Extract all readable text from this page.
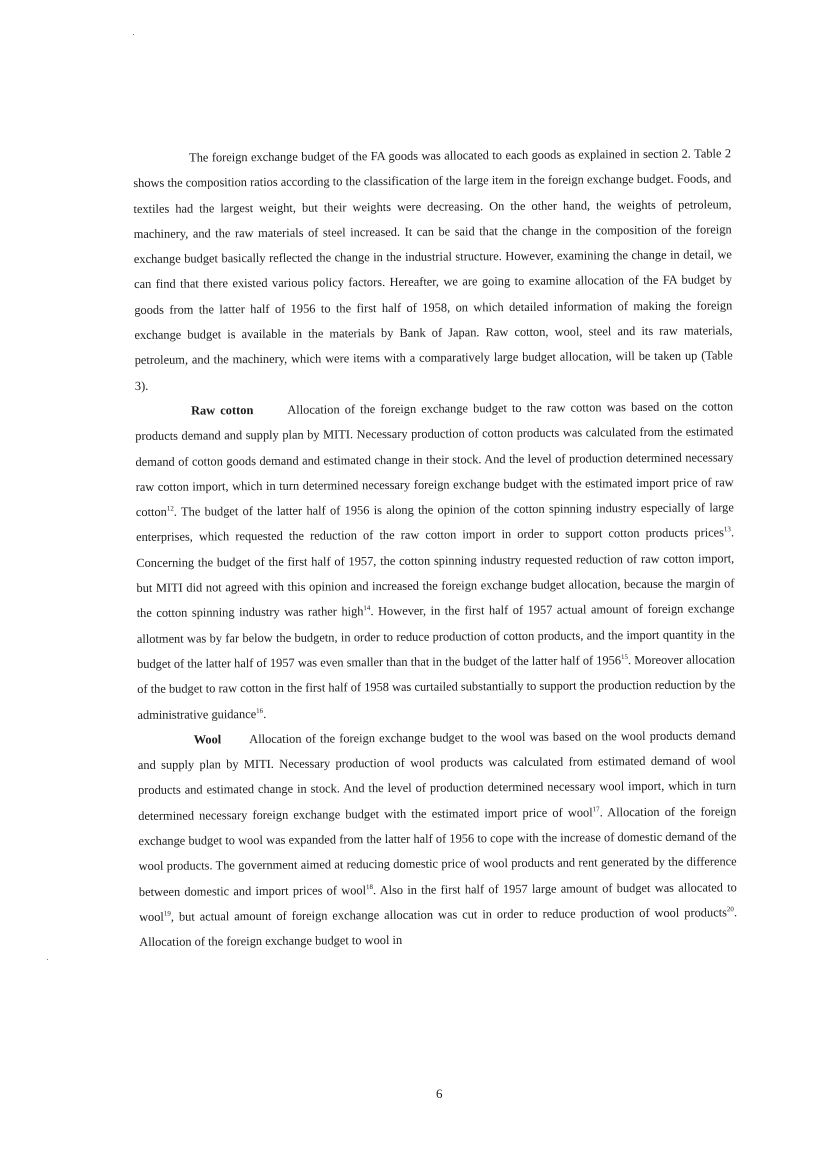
The foreign exchange budget of the FA goods was allocated to each goods as explained in section 2. Table 2 shows the composition ratios according to the classification of the large item in the foreign exchange budget. Foods, and textiles had the largest weight, but their weights were decreasing. On the other hand, the weights of petroleum, machinery, and the raw materials of steel increased. It can be said that the change in the composition of the foreign exchange budget basically reflected the change in the industrial structure. However, examining the change in detail, we can find that there existed various policy factors. Hereafter, we are going to examine allocation of the FA budget by goods from the latter half of 1956 to the first half of 1958, on which detailed information of making the foreign exchange budget is available in the materials by Bank of Japan. Raw cotton, wool, steel and its raw materials, petroleum, and the machinery, which were items with a comparatively large budget allocation, will be taken up (Table 3).

Raw cotton	Allocation of the foreign exchange budget to the raw cotton was based on the cotton products demand and supply plan by MITI. Necessary production of cotton products was calculated from the estimated demand of cotton goods demand and estimated change in their stock. And the level of production determined necessary raw cotton import, which in turn determined necessary foreign exchange budget with the estimated import price of raw cotton$^{12}$. The budget of the latter half of 1956 is along the opinion of the cotton spinning industry especially of large enterprises, which requested the reduction of the raw cotton import in order to support cotton products prices$^{13}$. Concerning the budget of the first half of 1957, the cotton spinning industry requested reduction of raw cotton import, but MITI did not agreed with this opinion and increased the foreign exchange budget allocation, because the margin of the cotton spinning industry was rather high$^{14}$. However, in the first half of 1957 actual amount of foreign exchange allotment was by far below the budgetn, in order to reduce production of cotton products, and the import quantity in the budget of the latter half of 1957 was even smaller than that in the budget of the latter half of 1956$^{15}$. Moreover allocation of the budget to raw cotton in the first half of 1958 was curtailed substantially to support the production reduction by the administrative guidance$^{16}$.

Wool Allocation of the foreign exchange budget to the wool was based on the wool products demand and supply plan by MITI. Necessary production of wool products was calculated from estimated demand of wool products and estimated change in stock. And the level of production determined necessary wool import, which in turn determined necessary foreign exchange budget with the estimated import price of wool$^{17}$. Allocation of the foreign exchange budget to wool was expanded from the latter half of 1956 to cope with the increase of domestic demand of the wool products. The government aimed at reducing domestic price of wool products and rent generated by the difference between domestic and import prices of wool$^{18}$. Also in the first half of 1957 large amount of budget was allocated to wool$^{19}$, but actual amount of foreign exchange allocation was cut in order to reduce production of wool products$^{20}$. Allocation of the foreign exchange budget to wool in

6
